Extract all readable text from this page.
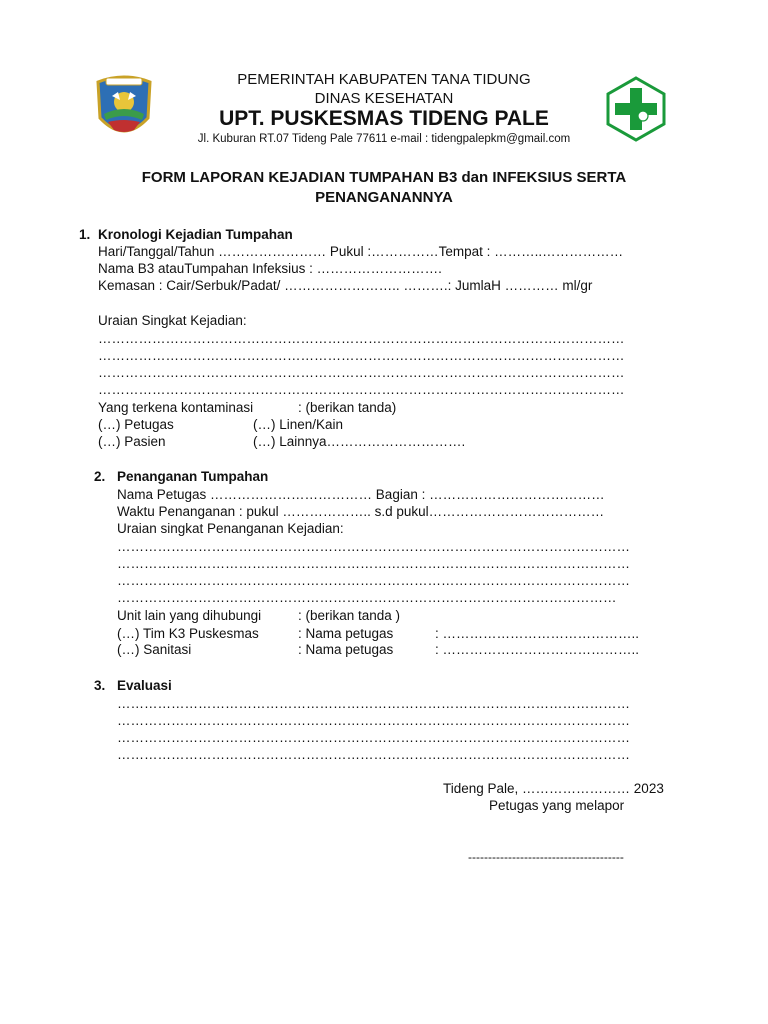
PEMERINTAH KABUPATEN TANA TIDUNG
DINAS KESEHATAN
UPT. PUSKESMAS TIDENG PALE
Jl. Kuburan RT.07 Tideng Pale 77611 e-mail : tidengpalepkm@gmail.com
FORM LAPORAN KEJADIAN TUMPAHAN B3 dan INFEKSIUS SERTA
PENANGANANNYA
1. Kronologi Kejadian Tumpahan
Hari/Tanggal/Tahun …………………… Pukul :……………Tempat : ………..………………
Nama B3 atauTumpahan Infeksius : ……………………….
Kemasan : Cair/Serbuk/Padat/ …………………….. ……….: JumlaH ………… ml/gr
Uraian Singkat Kejadian:
………………………………………………………………………………………………………
………………………………………………………………………………………………………
………………………………………………………………………………………………………
………………………………………………………………………………………………………
Yang terkena kontaminasi	: (berikan tanda)
(…) Petugas	(…) Linen/Kain
(…) Pasien	(…) Lainnya………………………….
2. Penanganan Tumpahan
Nama Petugas ……………………………… Bagian : …………………………………
Waktu Penanganan : pukul ……………….. s.d pukul…………………………………
Uraian singkat Penanganan Kejadian:
……………………………………………………………………………………………………
……………………………………………………………………………………………………
……………………………………………………………………………………………………
…………………………………………………………………………………………………
Unit lain yang dihubungi	: (berikan tanda )
(…) Tim K3 Puskesmas	: Nama petugas	: ……………………………………..
(…) Sanitasi	: Nama petugas	: ……………………………………..
3. Evaluasi
……………………………………………………………………………………………………
……………………………………………………………………………………………………
……………………………………………………………………………………………………
……………………………………………………………………………………………………
Tideng Pale, …………………… 2023
Petugas yang melapor
---------------------------------------
